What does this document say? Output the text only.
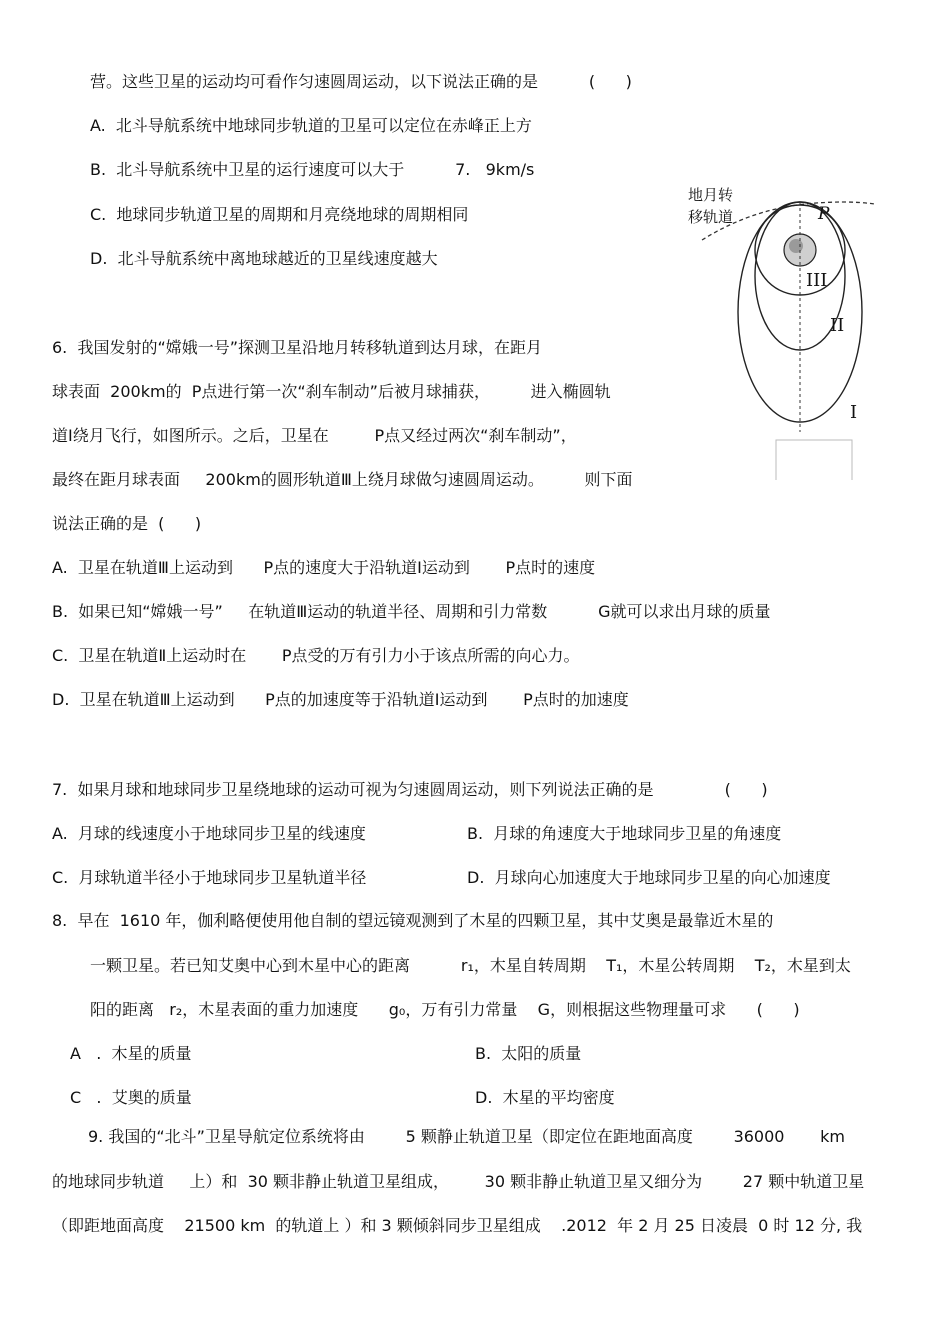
营。这些卫星的运动均可看作匀速圆周运动，以下说法正确的是          (      )
A.  北斗导航系统中地球同步轨道的卫星可以定位在赤峰正上方
B.  北斗导航系统中卫星的运行速度可以大于          7.   9km/s
C.  地球同步轨道卫星的周期和月亮绕地球的周期相同
D.  北斗导航系统中离地球越近的卫星线速度越大
6.  我国发射的“嫦娥一号”探测卫星沿地月转移轨道到达月球，在距月
球表面  200km的  P点进行第一次“刹车制动”后被月球捕获，        进入椭圆轨
道Ⅰ绕月飞行，如图所示。之后，卫星在         P点又经过两次“刹车制动”，
最终在距月球表面     200km的圆形轨道Ⅲ上绕月球做匀速圆周运动。        则下面
说法正确的是  (      )
A.  卫星在轨道Ⅲ上运动到      P点的速度大于沿轨道Ⅰ运动到       P点时的速度
B.  如果已知“嫦娥一号”     在轨道Ⅲ运动的轨道半径、周期和引力常数          G就可以求出月球的质量
C.  卫星在轨道Ⅱ上运动时在       P点受的万有引力小于该点所需的向心力。
D.  卫星在轨道Ⅲ上运动到      P点的加速度等于沿轨道Ⅰ运动到       P点时的加速度
地月转
移轨道	P
III
II
I
7.  如果月球和地球同步卫星绕地球的运动可视为匀速圆周运动，则下列说法正确的是              (      )
A.  月球的线速度小于地球同步卫星的线速度	B.  月球的角速度大于地球同步卫星的角速度
C.  月球轨道半径小于地球同步卫星轨道半径	D.  月球向心加速度大于地球同步卫星的向心加速度
8.  早在  1610 年，伽利略便使用他自制的望远镜观测到了木星的四颗卫星，其中艾奥是最靠近木星的
一颗卫星。若已知艾奥中心到木星中心的距离          r₁，木星自转周期    T₁，木星公转周期    T₂，木星到太
阳的距离   r₂，木星表面的重力加速度      g₀，万有引力常量    G，则根据这些物理量可求      (      )
A   .  木星的质量	B.  太阳的质量
C   .  艾奥的质量	D.  木星的平均密度
9. 我国的“北斗”卫星导航定位系统将由        5 颗静止轨道卫星（即定位在距地面高度        36000       km
的地球同步轨道     上）和  30 颗非静止轨道卫星组成，       30 颗非静止轨道卫星又细分为        27 颗中轨道卫星
（即距地面高度    21500 km  的轨道上 ）和 3 颗倾斜同步卫星组成    .2012  年 2 月 25 日凌晨  0 时 12 分, 我
